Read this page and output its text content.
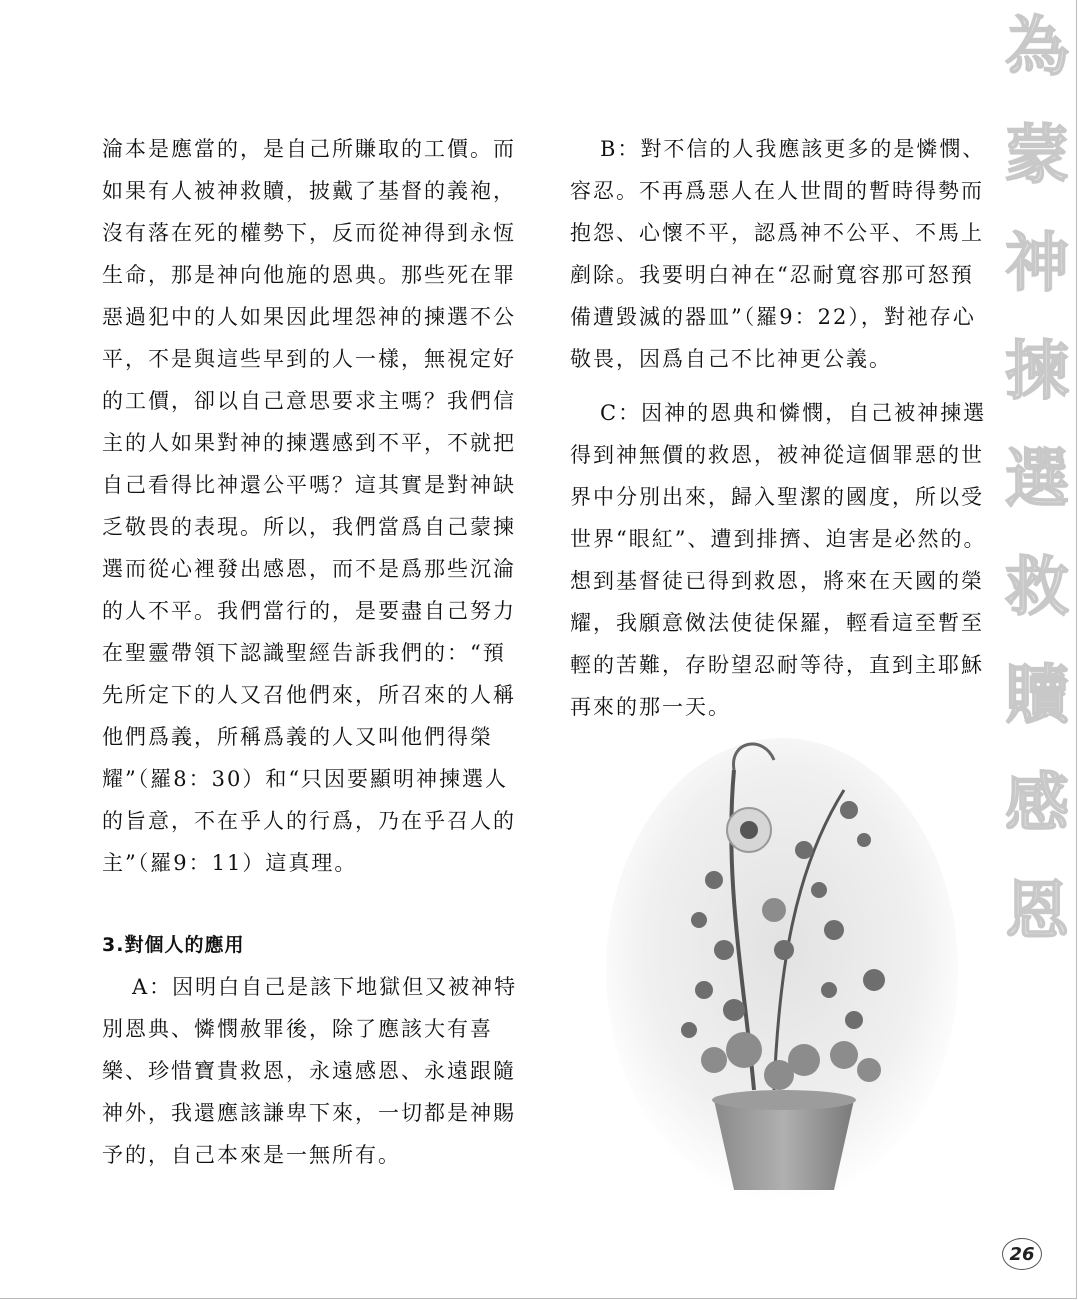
為
蒙
神
揀
選
救
贖
感
恩

淪本是應當的，是自己所賺取的工價。而如果有人被神救贖，披戴了基督的義袍，沒有落在死的權勢下，反而從神得到永恆生命，那是神向他施的恩典。那些死在罪惡過犯中的人如果因此埋怨神的揀選不公平，不是與這些早到的人一樣，無視定好的工價，卻以自己意思要求主嗎？我們信主的人如果對神的揀選感到不平，不就把自己看得比神還公平嗎？這其實是對神缺乏敬畏的表現。所以，我們當爲自己蒙揀選而從心裡發出感恩，而不是爲那些沉淪的人不平。我們當行的，是要盡自己努力在聖靈帶領下認識聖經告訴我們的：“預先所定下的人又召他們來，所召來的人稱他們爲義，所稱爲義的人又叫他們得榮耀”（羅8：30）和“只因要顯明神揀選人的旨意，不在乎人的行爲，乃在乎召人的主”（羅9：11）這真理。

3.對個人的應用

A：因明白自己是該下地獄但又被神特別恩典、憐憫赦罪後，除了應該大有喜樂、珍惜寶貴救恩，永遠感恩、永遠跟隨神外，我還應該謙卑下來，一切都是神賜予的，自己本來是一無所有。

B：對不信的人我應該更多的是憐憫、容忍。不再爲惡人在人世間的暫時得勢而抱怨、心懷不平，認爲神不公平、不馬上剷除。我要明白神在“忍耐寬容那可怒預備遭毀滅的器皿”（羅9：22），對祂存心敬畏，因爲自己不比神更公義。

C：因神的恩典和憐憫，自己被神揀選得到神無價的救恩，被神從這個罪惡的世界中分別出來，歸入聖潔的國度，所以受世界“眼紅”、遭到排擠、迫害是必然的。想到基督徒已得到救恩，將來在天國的榮耀，我願意傚法使徒保羅，輕看這至暫至輕的苦難，存盼望忍耐等待，直到主耶穌再來的那一天。

26
